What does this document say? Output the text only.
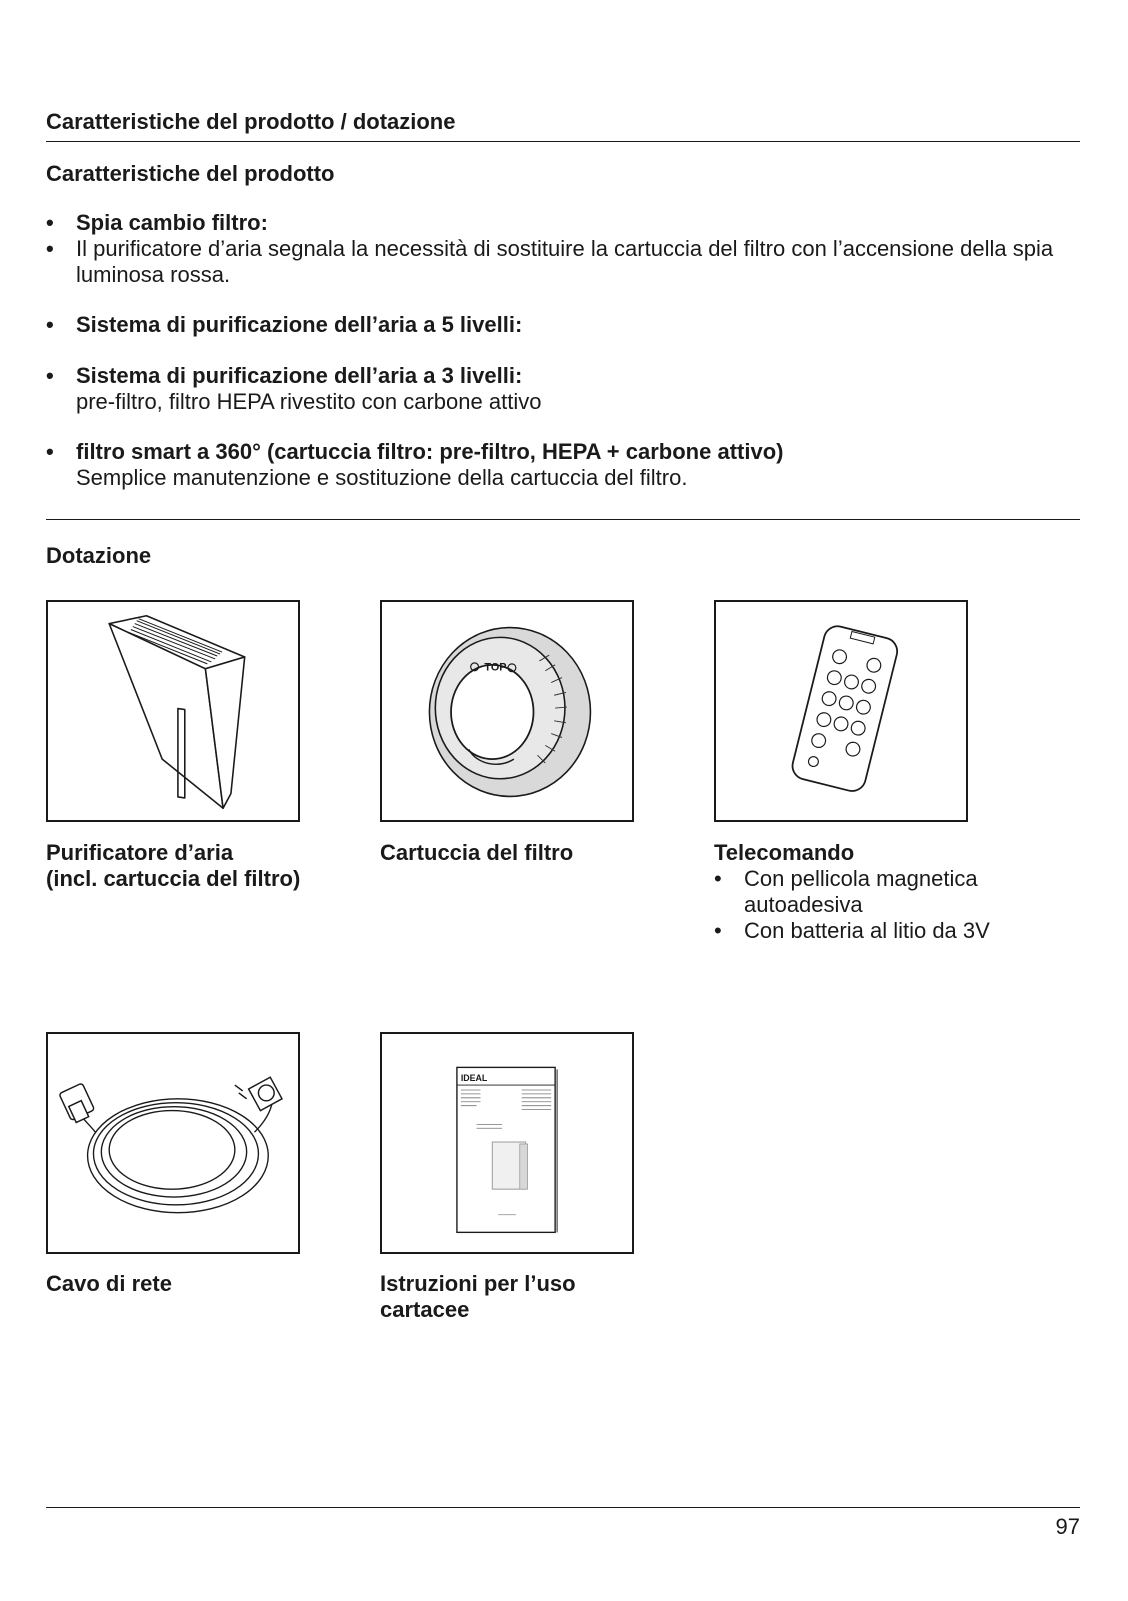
Caratteristiche del prodotto / dotazione
Caratteristiche del prodotto
• Spia cambio filtro:
• Il purificatore d’aria segnala la necessità di sostituire la cartuccia del filtro con l’accensione della spia luminosa rossa.
• Sistema di purificazione dell’aria a 5 livelli:
• Sistema di purificazione dell’aria a 3 livelli:
pre-filtro, filtro HEPA rivestito con carbone attivo
• filtro smart a 360° (cartuccia filtro: pre-filtro, HEPA + carbone attivo)
Semplice manutenzione e sostituzione della cartuccia del filtro.
Dotazione
TOP
IDEAL
Purificatore d’aria
(incl. cartuccia del filtro)
Cartuccia del filtro	Telecomando
• Con pellicola magnetica autoadesiva
• Con batteria al litio da 3V
Cavo di rete	Istruzioni per l’uso
cartacee
97
